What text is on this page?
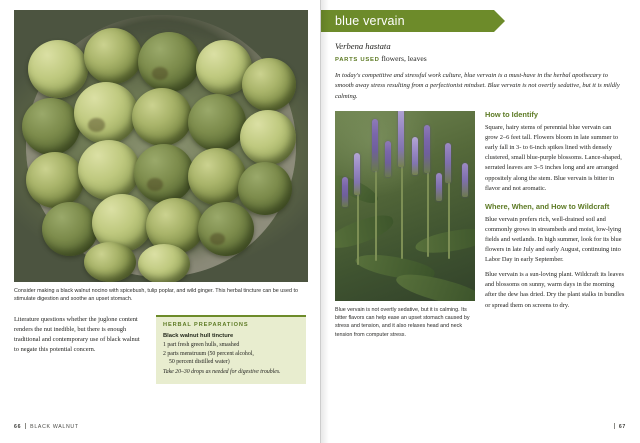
Consider making a black walnut nocino with spicebush, tulip poplar, and wild ginger. This herbal tincture can be used to stimulate digestion and soothe an upset stomach.
Literature questions whether the juglone content renders the nut inedible, but there is enough traditional and contemporary use of black walnut to negate this potential concern.
HERBAL PREPARATIONS
Black walnut hull tincture
1 part fresh green hulls, smashed
2 parts menstruum (50 percent alcohol,
50 percent distilled water)
Take 20–30 drops as needed for digestive troubles.
66 BLACK WALNUT
blue vervain
Verbena hastata
PARTS USED flowers, leaves
In today's competitive and stressful work culture, blue vervain is a must-have in the herbal apothecary to smooth away stress resulting from a perfectionist mindset. Blue vervain is not overtly sedative, but it is mildly calming.
Blue vervain is not overtly sedative, but it is calming. Its bitter flavors can help ease an upset stomach caused by stress and tension, and it also relaxes head and neck tension from computer stress.
How to Identify
Square, hairy stems of perennial blue vervain can grow 2–6 feet tall. Flowers bloom in late summer to early fall in 3- to 6-inch spikes lined with densely clustered, small blue-purple blossoms. Lance-shaped, serrated leaves are 3–5 inches long and are arranged oppositely along the stem. Blue vervain is bitter in flavor and not aromatic.
Where, When, and How to Wildcraft
Blue vervain prefers rich, well-drained soil and commonly grows in streambeds and moist, low-lying fields and wetlands. In high summer, look for its blue flowers in late July and early August, continuing into Labor Day in early September.
Blue vervain is a sun-loving plant. Wildcraft its leaves and blossoms on sunny, warm days in the morning after the dew has dried. Dry the plant stalks in bundles or spread them on screens to dry.
67
